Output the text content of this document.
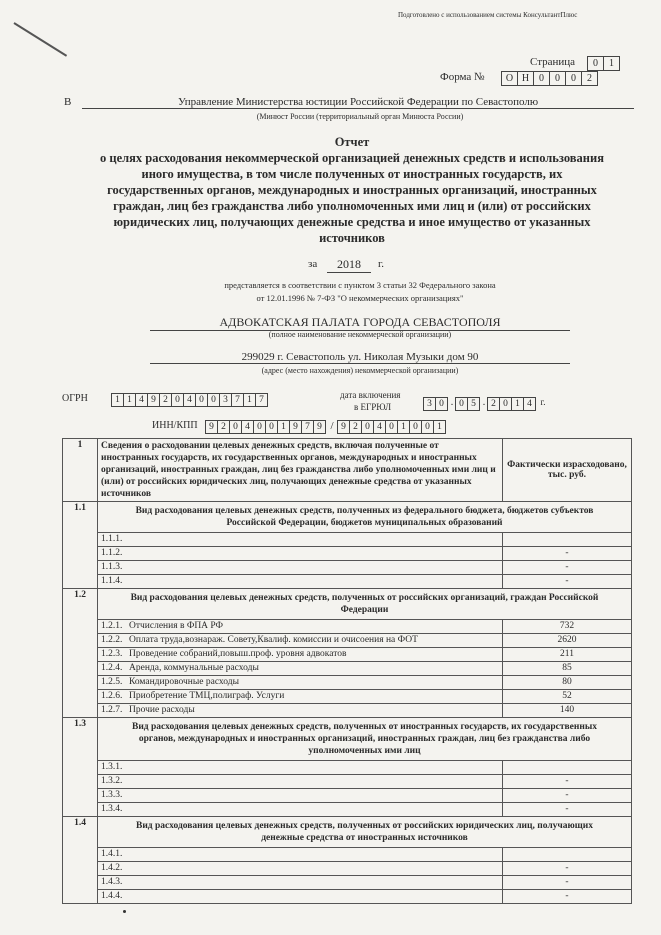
Подготовлено с использованием системы КонсультантПлюс
Страница	0	1
Форма №	О Н 0	0	0	2
В	Управление Министерства юстиции Российской Федерации по Севастополю
(Минюст России (территориальный орган Минюста России)
Отчет
о целях расходования некоммерческой организацией денежных средств и использования
иного имущества, в том числе полученных от иностранных государств, их
государственных органов, международных и иностранных организаций, иностранных
граждан, лиц без гражданства либо уполномоченных ими лиц и (или) от российских
юридических лиц, получающих денежные средства и иное имущество от указанных
источников
за	2018	г.
представляется в соответствии с пунктом 3 статьи 32 Федерального закона
от 12.01.1996 № 7-ФЗ "О некоммерческих организациях"
АДВОКАТСКАЯ ПАЛАТА ГОРОДА СЕВАСТОПОЛЯ
(полное наименование некоммерческой организации)
299029 г. Севастополь ул. Николая Музыки дом 90
(адрес (место нахождения) некоммерческой организации)
ОГРН	1 1 4 9 2 0 4 0 0 3 7 1 7	дата включения
в ЕГРЮЛ	3 0 . 0 5 . 2 0 1 4 г.
ИНН/КПП	9 2 0 4 0 0 1 9 7 9 / 9 2 0 4 0 1 0 0 1
1	Сведения о расходовании целевых денежных средств, включая полученные от иностранных государств, их государственных органов, международных и иностранных организаций, иностранных граждан, лиц без гражданства либо уполномоченных ими лиц и (или) от российских юридических лиц, получающих денежные средства от указанных источников	Фактически израсходовано, тыс. руб.
1.1	Вид расходования целевых денежных средств, полученных из федерального бюджета, бюджетов субъектов Российской Федерации, бюджетов муниципальных образований	
	1.1.1.	
	1.1.2.	-
	1.1.3.	-
	1.1.4.	-
1.2	Вид расходования целевых денежных средств, полученных от российских организаций, граждан Российской Федерации	
	1.2.1. Отчисления в ФПА РФ	732
	1.2.2. Оплата труда,вознараж. Совету,Квалиф. комиссии и очисоения на ФОТ	2620
	1.2.3. Проведение собраний,повыш.проф. уровня адвокатов	211
	1.2.4. Аренда, коммунальные расходы	85
	1.2.5. Командировочные расходы	80
	1.2.6. Приобретение ТМЦ,полиграф. Услуги	52
	1.2.7. Прочие расходы	140
1.3	Вид расходования целевых денежных средств, полученных от иностранных государств, их государственных органов, международных и иностранных организаций, иностранных граждан, лиц без гражданства либо уполномоченных ими лиц	
	1.3.1.	
	1.3.2.	-
	1.3.3.	-
	1.3.4.	-
1.4	Вид расходования целевых денежных средств, полученных от российских юридических лиц, получающих денежные средства от иностранных источников	
	1.4.1.	
	1.4.2.	-
	1.4.3.	-
	1.4.4.	-
